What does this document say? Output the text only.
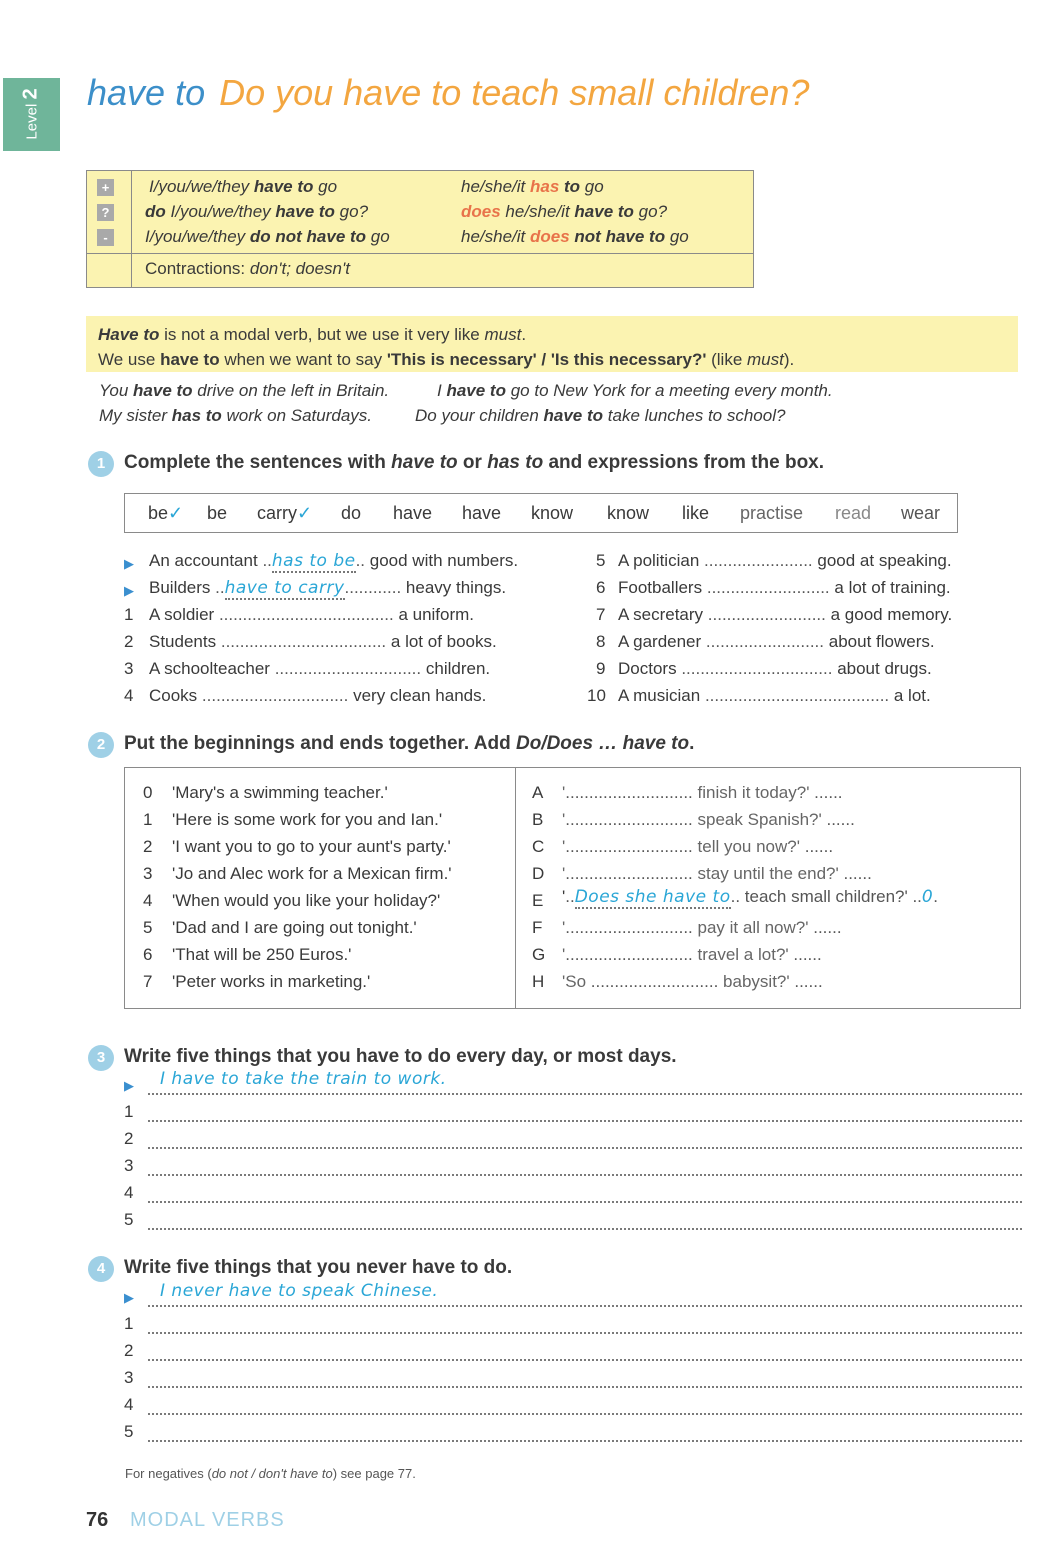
Level 2 have to Do you have to teach small children?
+
?
-
I/you/we/they have to go	he/she/it has to go
do I/you/we/they have to go?	does he/she/it have to go?
I/you/we/they do not have to go	he/she/it does not have to go
Contractions: don't; doesn't
Have to is not a modal verb, but we use it very like must.
We use have to when we want to say 'This is necessary' / 'Is this necessary?' (like must).
You have to drive on the left in Britain.	I have to go to New York for a meeting every month.
My sister has to work on Saturdays.	Do your children have to take lunches to school?
1 Complete the sentences with have to or has to and expressions from the box.
be✓ be carry✓ do have have know know like practise read wear
▶ An accountant ..has to be.. good with numbers.
▶ Builders ..have to carry............ heavy things.
1 A soldier ..................................... a uniform.
2 Students ................................... a lot of books.
3 A schoolteacher ............................... children.
4 Cooks ............................... very clean hands.
5 A politician ....................... good at speaking.
6 Footballers .......................... a lot of training.
7 A secretary ......................... a good memory.
8 A gardener ......................... about flowers.
9 Doctors ................................ about drugs.
10 A musician ....................................... a lot.
2 Put the beginnings and ends together. Add Do/Does … have to.
0 'Mary's a swimming teacher.'
1 'Here is some work for you and Ian.'
2 'I want you to go to your aunt's party.'
3 'Jo and Alec work for a Mexican firm.'
4 'When would you like your holiday?'
5 'Dad and I are going out tonight.'
6 'That will be 250 Euros.'
7 'Peter works in marketing.'
A '........................... finish it today?' ......
B '........................... speak Spanish?' ......
C '........................... tell you now?' ......
D '........................... stay until the end?' ......
E '..Does she have to.. teach small children?' ..0.
F '........................... pay it all now?' ......
G '........................... travel a lot?' ......
H 'So ........................... babysit?' ......
3 Write five things that you have to do every day, or most days.
▶ I have to take the train to work.
1
2
3
4
5
4 Write five things that you never have to do.
▶ I never have to speak Chinese.
1
2
3
4
5
For negatives (do not / don't have to) see page 77.
76 MODAL VERBS
